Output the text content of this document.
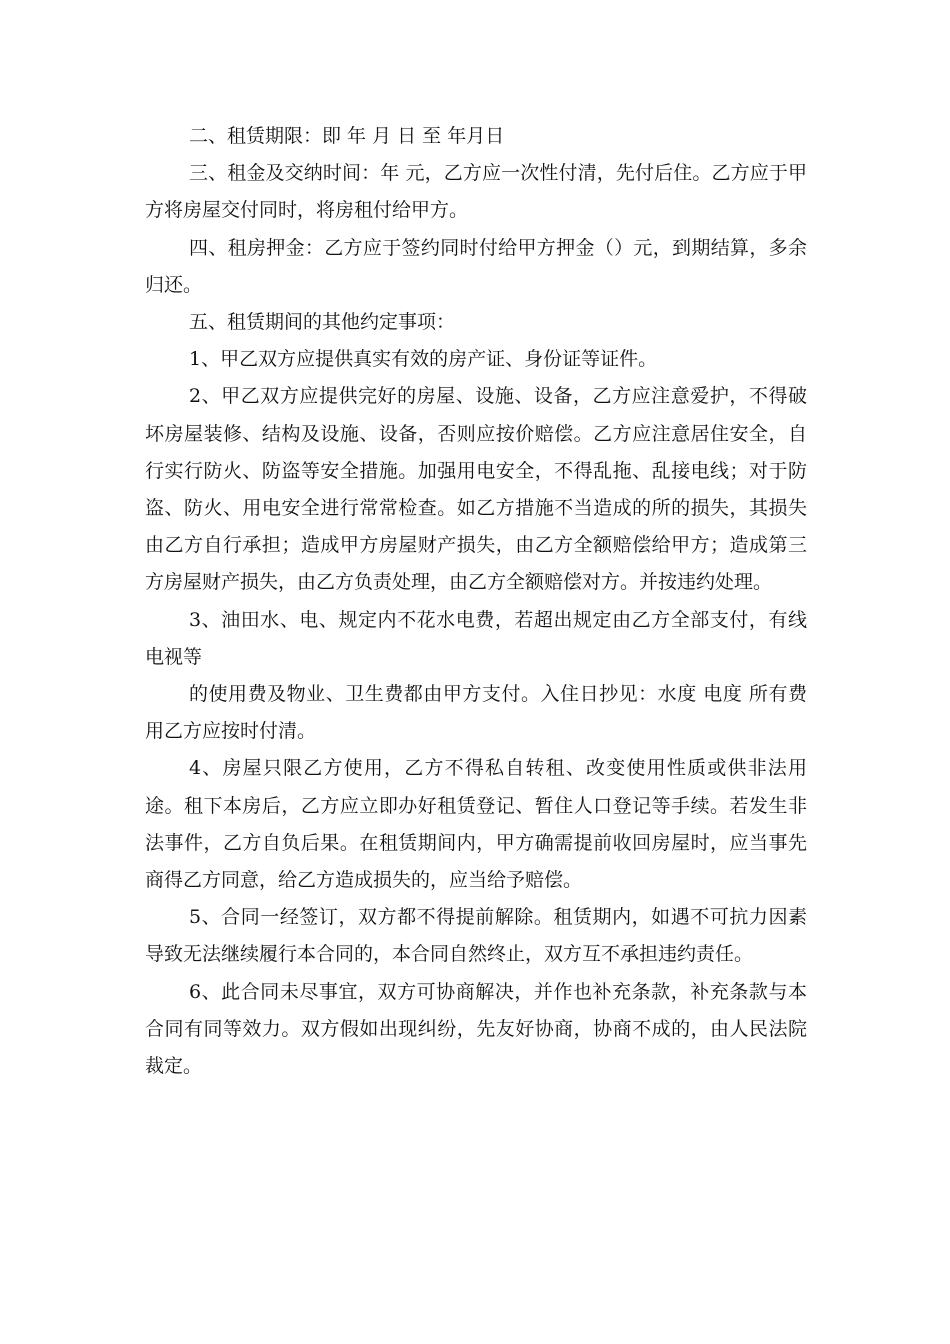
二、租赁期限：即 年 月 日 至 年月日

三、租金及交纳时间：年 元，乙方应一次性付清，先付后住。乙方应于甲方将房屋交付同时，将房租付给甲方。

四、租房押金：乙方应于签约同时付给甲方押金（）元，到期结算，多余归还。

五、租赁期间的其他约定事项：

1、甲乙双方应提供真实有效的房产证、身份证等证件。

2、甲乙双方应提供完好的房屋、设施、设备，乙方应注意爱护，不得破坏房屋装修、结构及设施、设备，否则应按价赔偿。乙方应注意居住安全，自行实行防火、防盗等安全措施。加强用电安全，不得乱拖、乱接电线；对于防盗、防火、用电安全进行常常检查。如乙方措施不当造成的所的损失，其损失由乙方自行承担；造成甲方房屋财产损失，由乙方全额赔偿给甲方；造成第三方房屋财产损失，由乙方负责处理，由乙方全额赔偿对方。并按违约处理。

3、油田水、电、规定内不花水电费，若超出规定由乙方全部支付，有线电视等

的使用费及物业、卫生费都由甲方支付。入住日抄见：水度 电度 所有费用乙方应按时付清。

4、房屋只限乙方使用，乙方不得私自转租、改变使用性质或供非法用途。租下本房后，乙方应立即办好租赁登记、暂住人口登记等手续。若发生非法事件，乙方自负后果。在租赁期间内，甲方确需提前收回房屋时，应当事先商得乙方同意，给乙方造成损失的，应当给予赔偿。

5、合同一经签订，双方都不得提前解除。租赁期内，如遇不可抗力因素导致无法继续履行本合同的，本合同自然终止，双方互不承担违约责任。

6、此合同未尽事宜，双方可协商解决，并作也补充条款，补充条款与本合同有同等效力。双方假如出现纠纷，先友好协商，协商不成的，由人民法院裁定。
